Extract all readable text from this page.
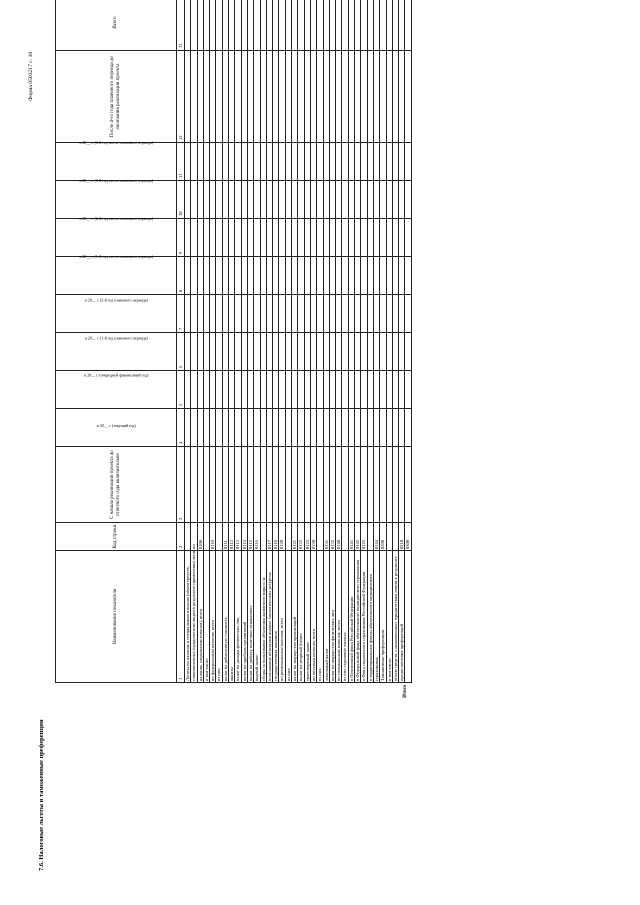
7.6. Налоговые льготы и таможенные преференции
Форма 0503217 с. 10
Наименование показателя	Код строки	С начала реализации проекта до отчетного года включительно	в 20__ г. (текущий год)	в 20__ г. (очередной финансовый год)	в 20__ г. (1-й год планового периода)	в 20__ г. (2-й год планового периода)	в 20__ г. (1-й год после планового периода)	в 20__ г. (2-й год после планового периода)	в 20__ г. (3-й год после планового периода)	в 20__ г. (4-й год после планового периода)	После 4-го года планового периода до окончания реализации проекта	Всего
1	2	3	4	5	6	7	8	9	10	11	12	13
Льготы по налогам и специальным взносам (объем средств,												
сэкономленных юридическим лицом в результате применения льгот по												
налогам, социальным взносам), всего	0100											
в том числе:												
по федеральным налогам, всего	0110											
из них:												
налог на добавленную стоимость	0111											
акцизы	0112											
налог на доходы физических лиц	0113											
налог на прибыль организаций	0114											
налог на добычу полезных ископаемых	0115											
водный налог	0116											
сборы за пользование объектами животного мира и за												
пользование объектами водных биологических ресурсов	0117											
государственная пошлина	0118											
по региональным налогам, всего	0120											
из них:												
налог на имущество организаций	0121											
налог на игорный бизнес	0122											
транспортный налог	0123											
по местным налогам, всего	0130											
из них:												
земельный налог	0131											
налог на имущество физических лиц	0132											
по специальным взносам, всего	0140											
из них страховые взносы:												
в Пенсионный фонд Российской Федерации	0141											
в Федеральный фонд обязательного медицинского страхования	0142											
в Фонд социального страхования Российской Федерации	0143											
в территориальные фонды обязательного медицинского												
страхования	0144											
Таможенные преференции	0200											
в том числе:												
объем средств, сэкономленных юридическим лицом в результате												
предоставления преференций	0210											
	0300											
Итого
